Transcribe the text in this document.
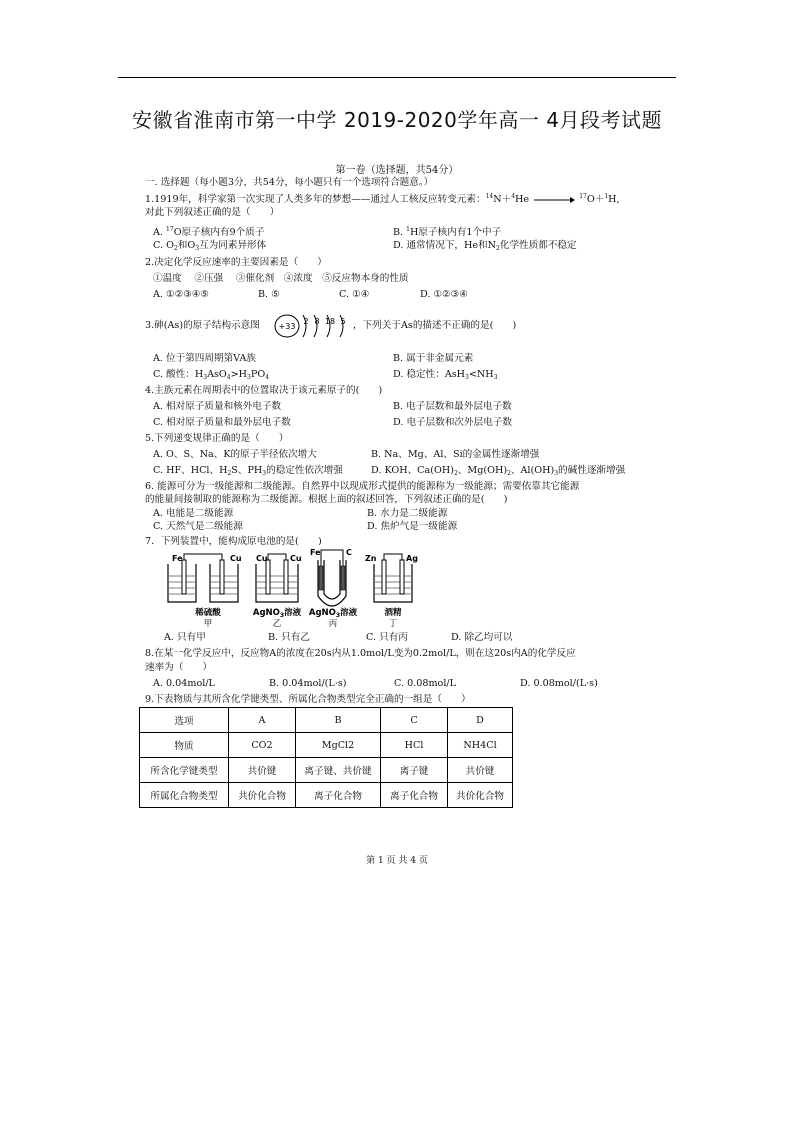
安徽省淮南市第一中学 2019-2020学年高一 4月段考试题
第一卷（选择题，共54分）
一. 选择题（每小题3分，共54分，每小题只有一个选项符合题意。）
1.1919年，科学家第一次实现了人类多年的梦想——通过人工核反应转变元素：$^{14}$N＋$^4$He	$^{17}$O＋$^1$H,
对此下列叙述正确的是（　　）
A. $^{17}$O原子核内有9个质子	B. $^1$H原子核内有1个中子
C. $O_2$和$O_3$互为同素异形体	D. 通常情况下，He和$N_2$化学性质都不稳定
2.决定化学反应速率的主要因素是（　　）
①温度　 ②压强　 ③催化剂　④浓度　⑤反应物本身的性质
A. ①②③④⑤	B. ⑤	C. ①④	D. ①②③④
3.砷(As)的原子结构示意图 +33
2 8 18 5 ，下列关于As的描述不正确的是(　　)
A. 位于第四周期第VA族	B. 属于非金属元素
C. 酸性：$H_3AsO_4>H_3PO_4$	D. 稳定性：$AsH_3<NH_3$
4.主族元素在周期表中的位置取决于该元素原子的(　　)
A. 相对原子质量和核外电子数	B. 电子层数和最外层电子数
C. 相对原子质量和最外层电子数	D. 电子层数和次外层电子数
5.下列递变规律正确的是（　　）
A. O、S、Na、K的原子半径依次增大	B. Na、Mg、Al、Si的金属性逐渐增强
C. HF、HCl、$H_2S$、$PH_3$的稳定性依次增强	D. KOH、$Ca(OH)_2$、$Mg(OH)_2$、$Al(OH)_3$的碱性逐渐增强
6. 能源可分为一级能源和二级能源。自然界中以现成形式提供的能源称为一级能源；需要依靠其它能源
的能量间接制取的能源称为二级能源。根据上面的叙述回答，下列叙述正确的是(　　)
A. 电能是二级能源	B. 水力是二级能源
C. 天然气是二级能源	D. 焦炉气是一级能源
7．下列装置中，能构成原电池的是(　　)
Fe	Cu Cu	Cu
Fe	C
Zn	Ag
稀硫酸
甲
AgNO$_3$溶液
乙
AgNO$_3$溶液
丙
酒精
丁
A. 只有甲	B. 只有乙	C. 只有丙	D. 除乙均可以
8.在某一化学反应中，反应物A的浓度在20s内从1.0mol/L变为0.2mol/L，则在这20s内A的化学反应
速率为（　　）
A. 0.04mol/L	B. 0.04mol/(L·s)	C. 0.08mol/L	D. 0.08mol/(L·s)
9.下表物质与其所含化学键类型、所属化合物类型完全正确的一组是（　　）
选项	A	B	C	D
物质	CO2	MgCl2	HCl	NH4Cl
所含化学键类型	共价键	离子键、共价键	离子键	共价键
所属化合物类型	共价化合物	离子化合物	离子化合物	共价化合物
第 1 页 共 4 页
